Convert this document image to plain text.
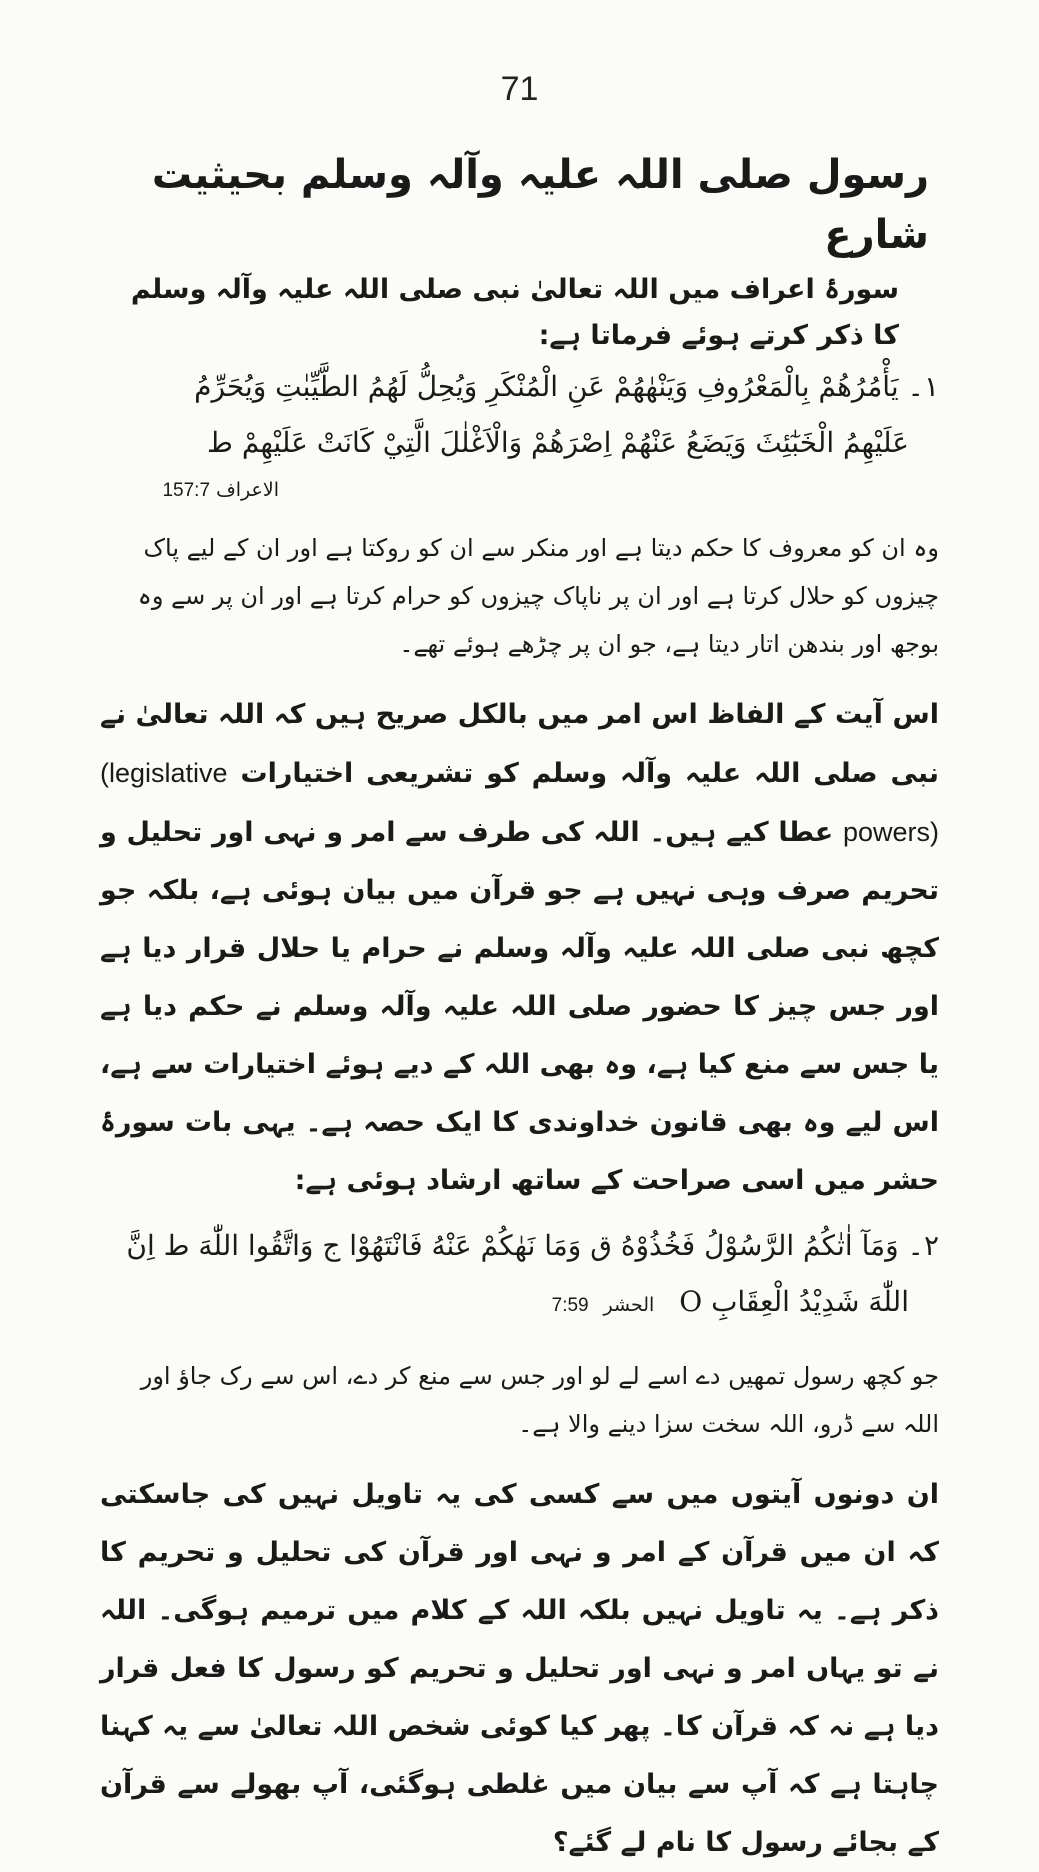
71
رسول صلی اللہ علیہ وآلہ وسلم بحیثیت شارع
سورۂ اعراف میں اللہ تعالیٰ نبی صلی اللہ علیہ وآلہ وسلم کا ذکر کرتے ہوئے فرماتا ہے:
١۔ يَأْمُرُهُمْ بِالْمَعْرُوفِ وَيَنْهٰهُمْ عَنِ الْمُنْكَرِ وَيُحِلُّ لَهُمُ الطَّيِّبٰتِ وَيُحَرِّمُ
عَلَيْهِمُ الْخَبٰٓئِثَ وَيَضَعُ عَنْهُمْ اِصْرَهُمْ وَالْاَغْلٰلَ الَّتِيْ كَانَتْ عَلَيْهِمْ ط
الاعراف 157:7
وہ ان کو معروف کا حکم دیتا ہے اور منکر سے ان کو روکتا ہے اور ان کے لیے پاک چیزوں کو حلال کرتا ہے اور ان پر ناپاک چیزوں کو حرام کرتا ہے اور ان پر سے وہ بوجھ اور بندھن اتار دیتا ہے، جو ان پر چڑھے ہوئے تھے۔

اس آیت کے الفاظ اس امر میں بالکل صریح ہیں کہ اللہ تعالیٰ نے نبی صلی اللہ علیہ وآلہ وسلم کو تشریعی اختیارات (legislative powers) عطا کیے ہیں۔ اللہ کی طرف سے امر و نہی اور تحلیل و تحریم صرف وہی نہیں ہے جو قرآن میں بیان ہوئی ہے، بلکہ جو کچھ نبی صلی اللہ علیہ وآلہ وسلم نے حرام یا حلال قرار دیا ہے اور جس چیز کا حضور صلی اللہ علیہ وآلہ وسلم نے حکم دیا ہے یا جس سے منع کیا ہے، وہ بھی اللہ کے دیے ہوئے اختیارات سے ہے، اس لیے وہ بھی قانون خداوندی کا ایک حصہ ہے۔ یہی بات سورۂ حشر میں اسی صراحت کے ساتھ ارشاد ہوئی ہے:

٢۔ وَمَآ اٰتٰكُمُ الرَّسُوْلُ فَخُذُوْهُ ق وَمَا نَهٰكُمْ عَنْهُ فَانْتَهُوْا ج وَاتَّقُوا اللّٰهَ ط اِنَّ
اللّٰهَ شَدِيْدُ الْعِقَابِ O الحشر 7:59
جو کچھ رسول تمھیں دے اسے لے لو اور جس سے منع کر دے، اس سے رک جاؤ اور اللہ سے ڈرو، اللہ سخت سزا دینے والا ہے۔

ان دونوں آیتوں میں سے کسی کی یہ تاویل نہیں کی جاسکتی کہ ان میں قرآن کے امر و نہی اور قرآن کی تحلیل و تحریم کا ذکر ہے۔ یہ تاویل نہیں بلکہ اللہ کے کلام میں ترمیم ہوگی۔ اللہ نے تو یہاں امر و نہی اور تحلیل و تحریم کو رسول کا فعل قرار دیا ہے نہ کہ قرآن کا۔ پھر کیا کوئی شخص اللہ تعالیٰ سے یہ کہنا چاہتا ہے کہ آپ سے بیان میں غلطی ہوگئی، آپ بھولے سے قرآن کے بجائے رسول کا نام لے گئے؟
